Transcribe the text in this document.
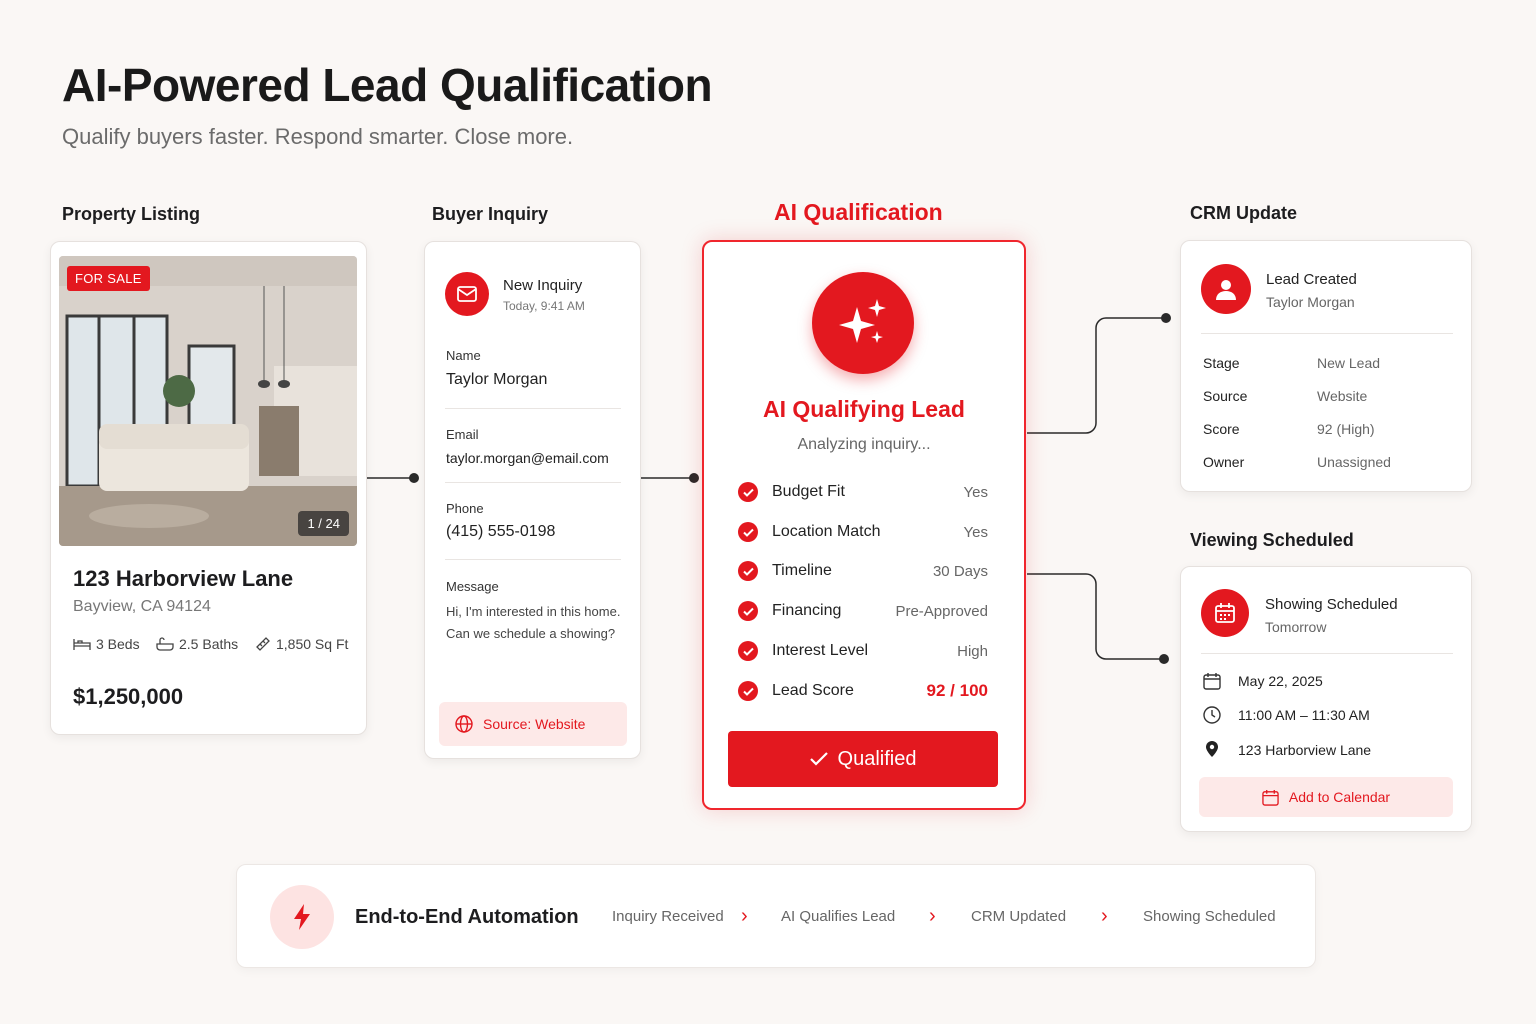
AI-Powered Lead Qualification
Qualify buyers faster. Respond smarter. Close more.
Property Listing	Buyer Inquiry	AI Qualification	CRM Update
Viewing Scheduled
FOR SALE
1 / 24
123 Harborview Lane
Bayview, CA 94124
3 Beds	2.5 Baths	1,850 Sq Ft
$1,250,000
New Inquiry
Today, 9:41 AM
Name
Taylor Morgan
Email
taylor.morgan@email.com
Phone
(415) 555-0198
Message
Hi, I'm interested in this home.
Can we schedule a showing?
Source: Website
AI Qualifying Lead
Analyzing inquiry...
Budget Fit	Yes
Location Match	Yes
Timeline	30 Days
Financing	Pre-Approved
Interest Level	High
Lead Score	92 / 100
Qualified
Lead Created
Taylor Morgan
Stage	New Lead
Source	Website
Score	92 (High)
Owner	Unassigned
Showing Scheduled
Tomorrow
May 22, 2025
11:00 AM – 11:30 AM
123 Harborview Lane
Add to Calendar
End-to-End Automation Inquiry Received › AI Qualifies Lead › CRM Updated › Showing Scheduled
